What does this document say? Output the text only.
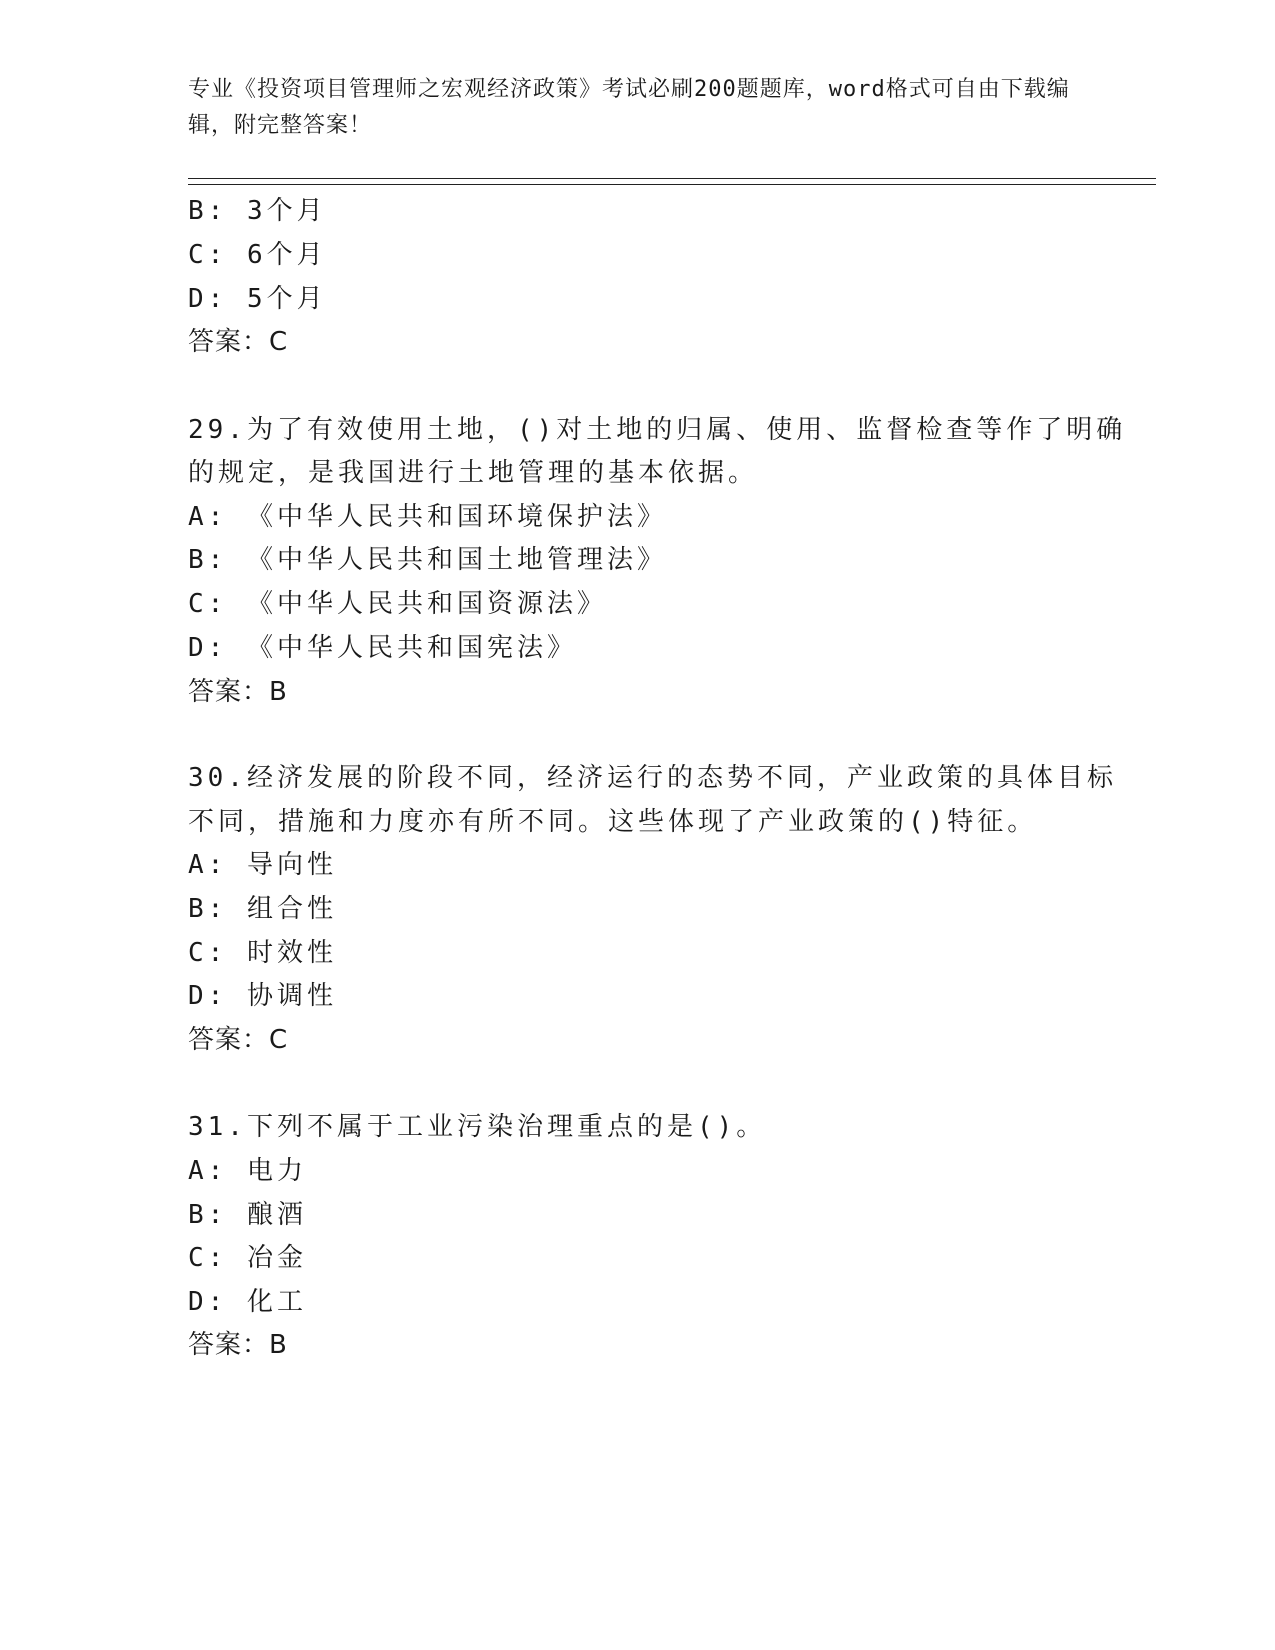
专业《投资项目管理师之宏观经济政策》考试必刷200题题库，word格式可自由下载编辑，附完整答案！
B: 3个月
C: 6个月
D: 5个月
答案：C
29.为了有效使用土地，()对土地的归属、使用、监督检查等作了明确
的规定，是我国进行土地管理的基本依据。
A: 《中华人民共和国环境保护法》
B: 《中华人民共和国土地管理法》
C: 《中华人民共和国资源法》
D: 《中华人民共和国宪法》
答案：B
30.经济发展的阶段不同，经济运行的态势不同，产业政策的具体目标
不同，措施和力度亦有所不同。这些体现了产业政策的()特征。
A: 导向性
B: 组合性
C: 时效性
D: 协调性
答案：C
31.下列不属于工业污染治理重点的是()。
A: 电力
B: 酿酒
C: 冶金
D: 化工
答案：B
